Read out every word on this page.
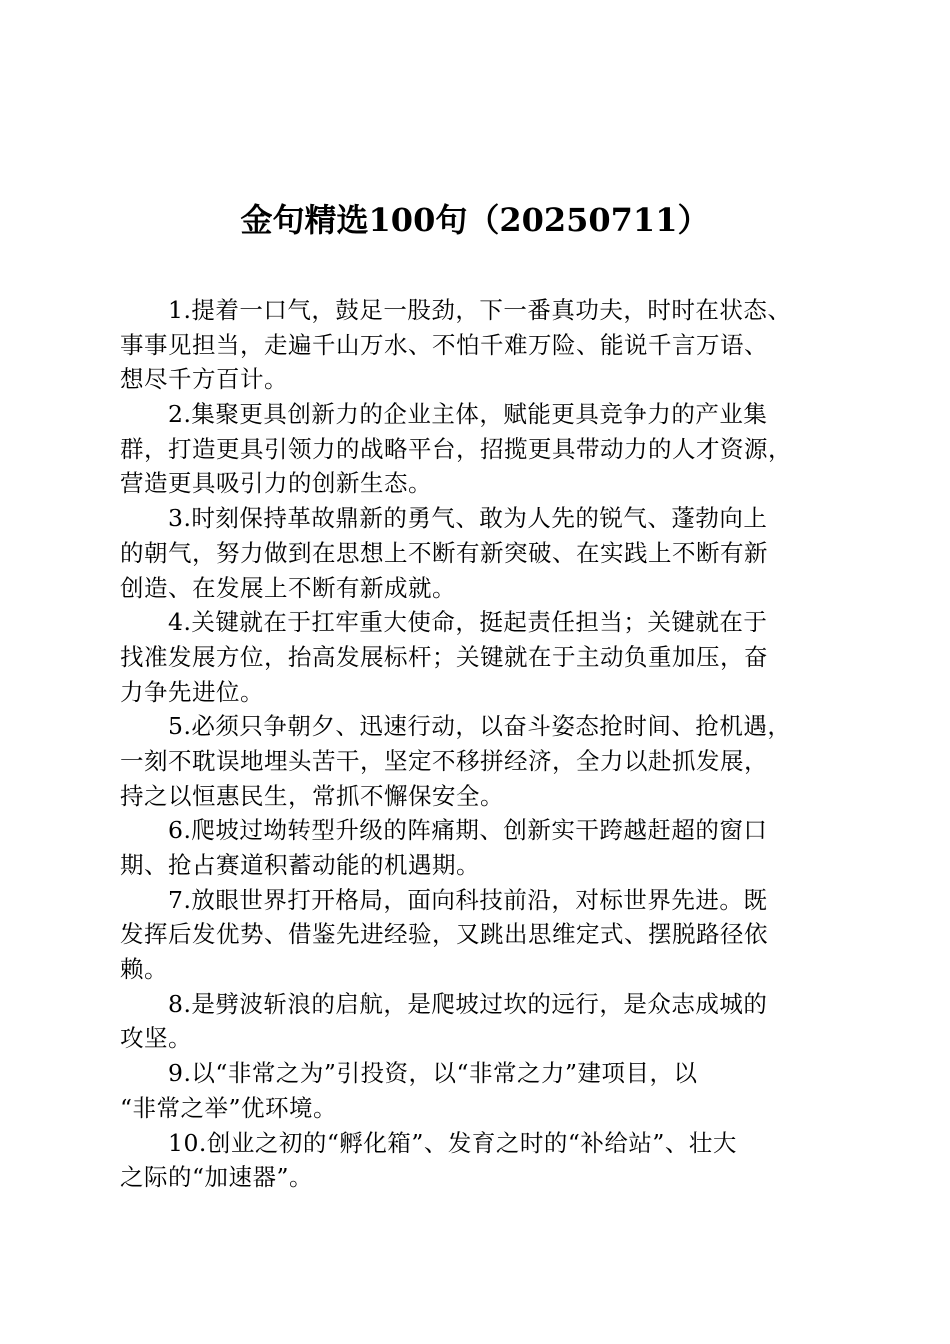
金句精选100句（20250711）
1.提着一口气，鼓足一股劲，下一番真功夫，时时在状态、
事事见担当，走遍千山万水、不怕千难万险、能说千言万语、
想尽千方百计。
2.集聚更具创新力的企业主体，赋能更具竞争力的产业集
群，打造更具引领力的战略平台，招揽更具带动力的人才资源，
营造更具吸引力的创新生态。
3.时刻保持革故鼎新的勇气、敢为人先的锐气、蓬勃向上
的朝气，努力做到在思想上不断有新突破、在实践上不断有新
创造、在发展上不断有新成就。
4.关键就在于扛牢重大使命，挺起责任担当；关键就在于
找准发展方位，抬高发展标杆；关键就在于主动负重加压，奋
力争先进位。
5.必须只争朝夕、迅速行动，以奋斗姿态抢时间、抢机遇，
一刻不耽误地埋头苦干，坚定不移拼经济，全力以赴抓发展，
持之以恒惠民生，常抓不懈保安全。
6.爬坡过坳转型升级的阵痛期、创新实干跨越赶超的窗口
期、抢占赛道积蓄动能的机遇期。
7.放眼世界打开格局，面向科技前沿，对标世界先进。既
发挥后发优势、借鉴先进经验，又跳出思维定式、摆脱路径依
赖。
8.是劈波斩浪的启航，是爬坡过坎的远行，是众志成城的
攻坚。
9.以“非常之为”引投资，以“非常之力”建项目，以
“非常之举”优环境。
10.创业之初的“孵化箱”、发育之时的“补给站”、壮大
之际的“加速器”。
